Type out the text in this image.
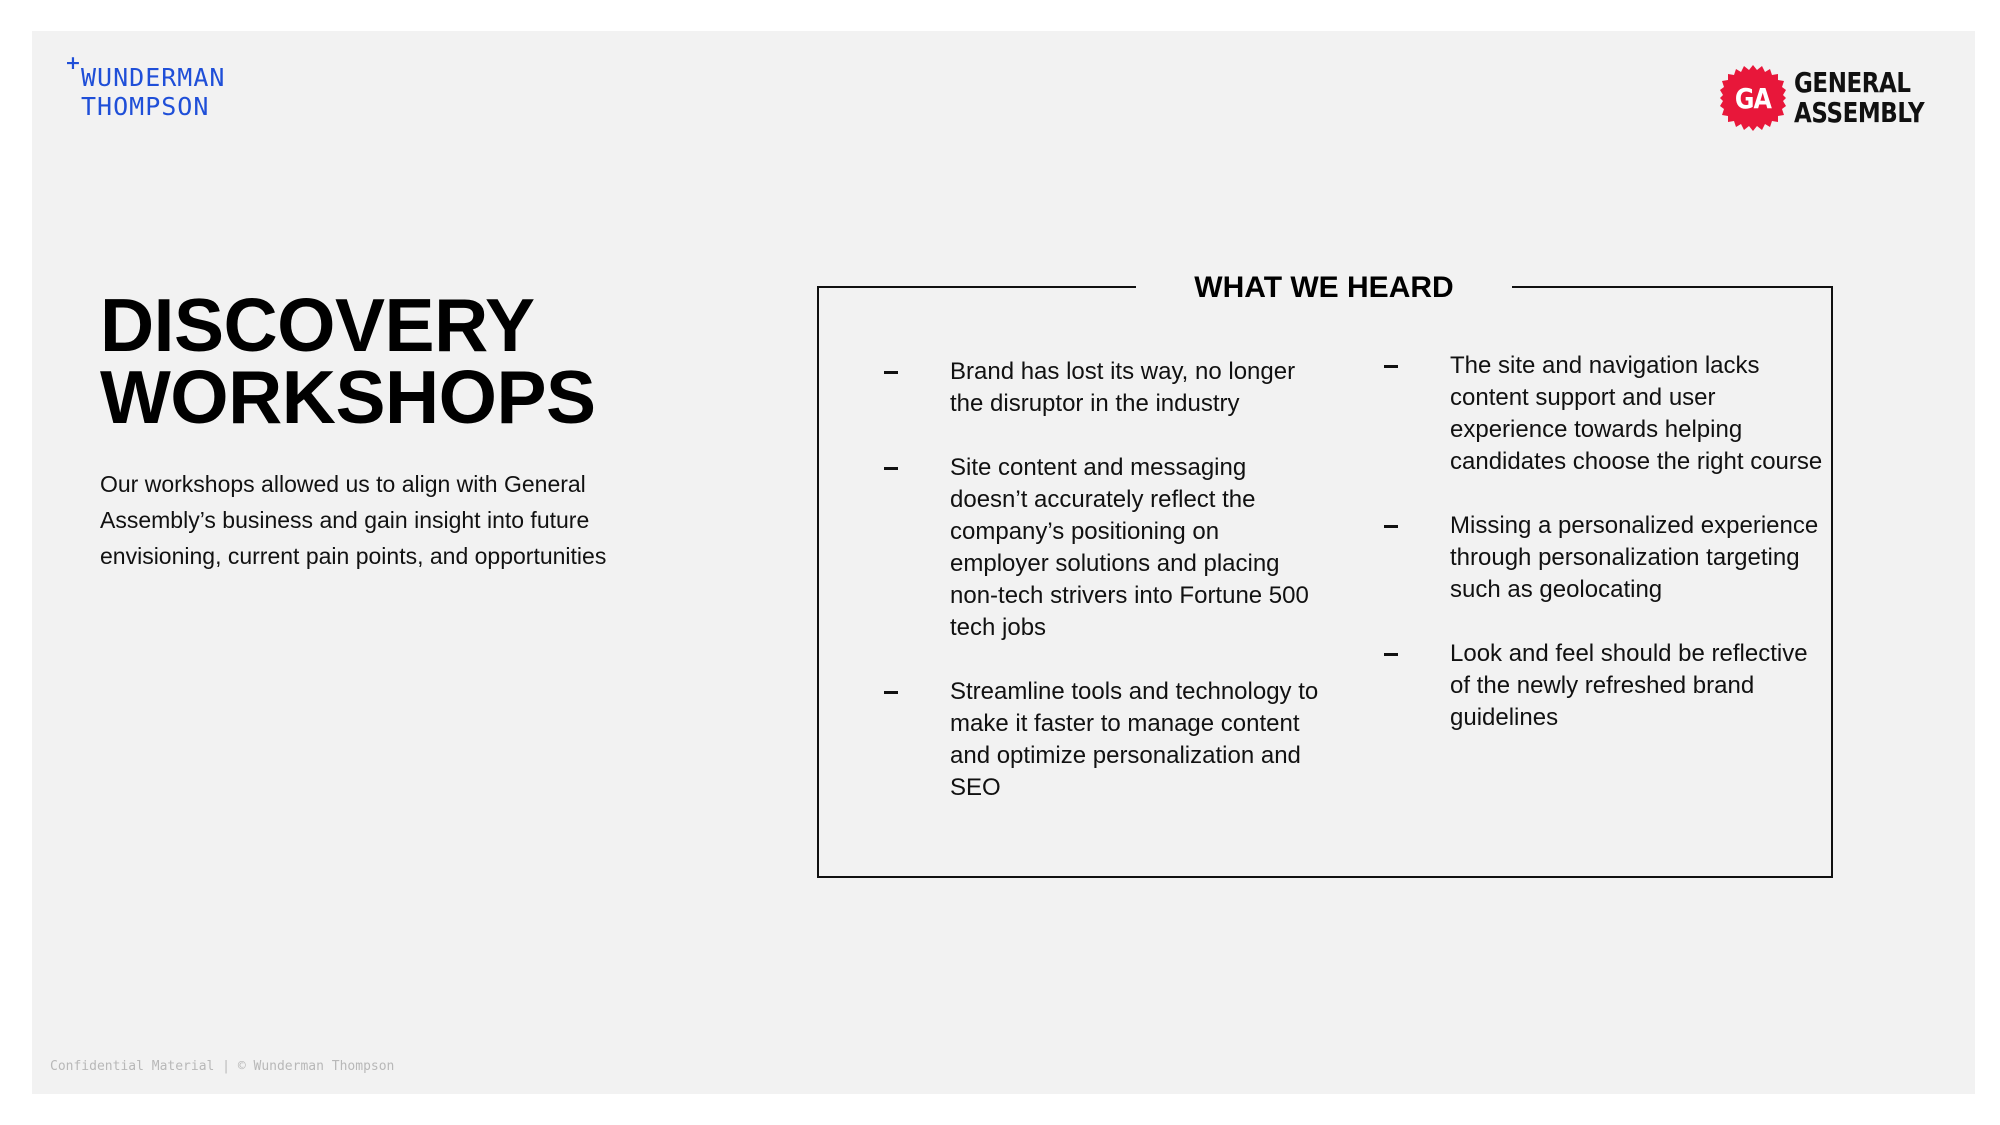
+ WUNDERMAN
THOMPSON	GA GENERAL
ASSEMBLY
DISCOVERY
WORKSHOPS

Our workshops allowed us to align with General Assembly’s business and gain insight into future envisioning, current pain points, and opportunities

WHAT WE HEARD
Brand has lost its way, no longer the disruptor in the industry
Site content and messaging doesn’t accurately reflect the company’s positioning on employer solutions and placing non-tech strivers into Fortune 500 tech jobs
Streamline tools and technology to make it faster to manage content and optimize personalization and SEO
The site and navigation lacks content support and user experience towards helping candidates choose the right course
Missing a personalized experience through personalization targeting such as geolocating
Look and feel should be reflective of the newly refreshed brand guidelines
Confidential Material | © Wunderman Thompson
